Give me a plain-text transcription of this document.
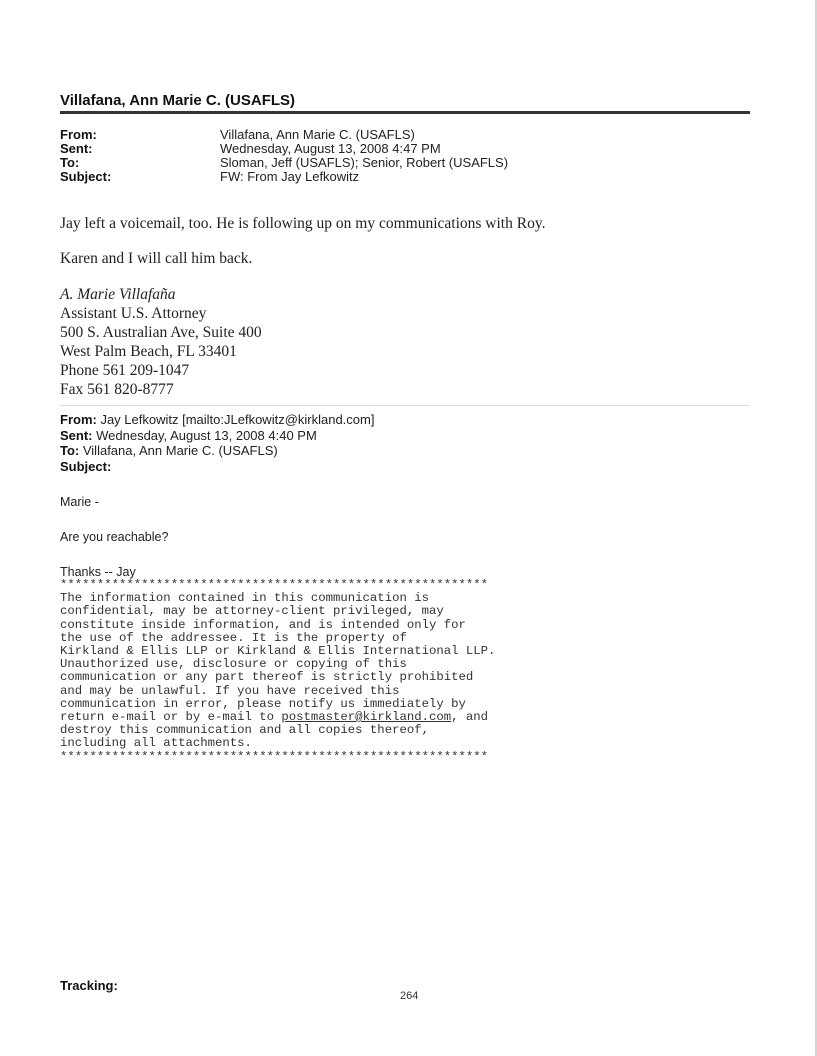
Villafana, Ann Marie C. (USAFLS)
From:	Villafana, Ann Marie C. (USAFLS)
Sent:	Wednesday, August 13, 2008 4:47 PM
To:	Sloman, Jeff (USAFLS); Senior, Robert (USAFLS)
Subject:	FW: From Jay Lefkowitz
Jay left a voicemail, too. He is following up on my communications with Roy.
Karen and I will call him back.
A. Marie Villafaña
Assistant U.S. Attorney
500 S. Australian Ave, Suite 400
West Palm Beach, FL 33401
Phone 561 209-1047
Fax 561 820-8777
From: Jay Lefkowitz [mailto:JLefkowitz@kirkland.com]
Sent: Wednesday, August 13, 2008 4:40 PM
To: Villafana, Ann Marie C. (USAFLS)
Subject:
Marie -
Are you reachable?
Thanks -- Jay
**********************************************************
The information contained in this communication is
confidential, may be attorney-client privileged, may
constitute inside information, and is intended only for
the use of the addressee. It is the property of
Kirkland & Ellis LLP or Kirkland & Ellis International LLP.
Unauthorized use, disclosure or copying of this
communication or any part thereof is strictly prohibited
and may be unlawful. If you have received this
communication in error, please notify us immediately by
return e-mail or by e-mail to postmaster@kirkland.com, and
destroy this communication and all copies thereof,
including all attachments.
**********************************************************
Tracking:
264
